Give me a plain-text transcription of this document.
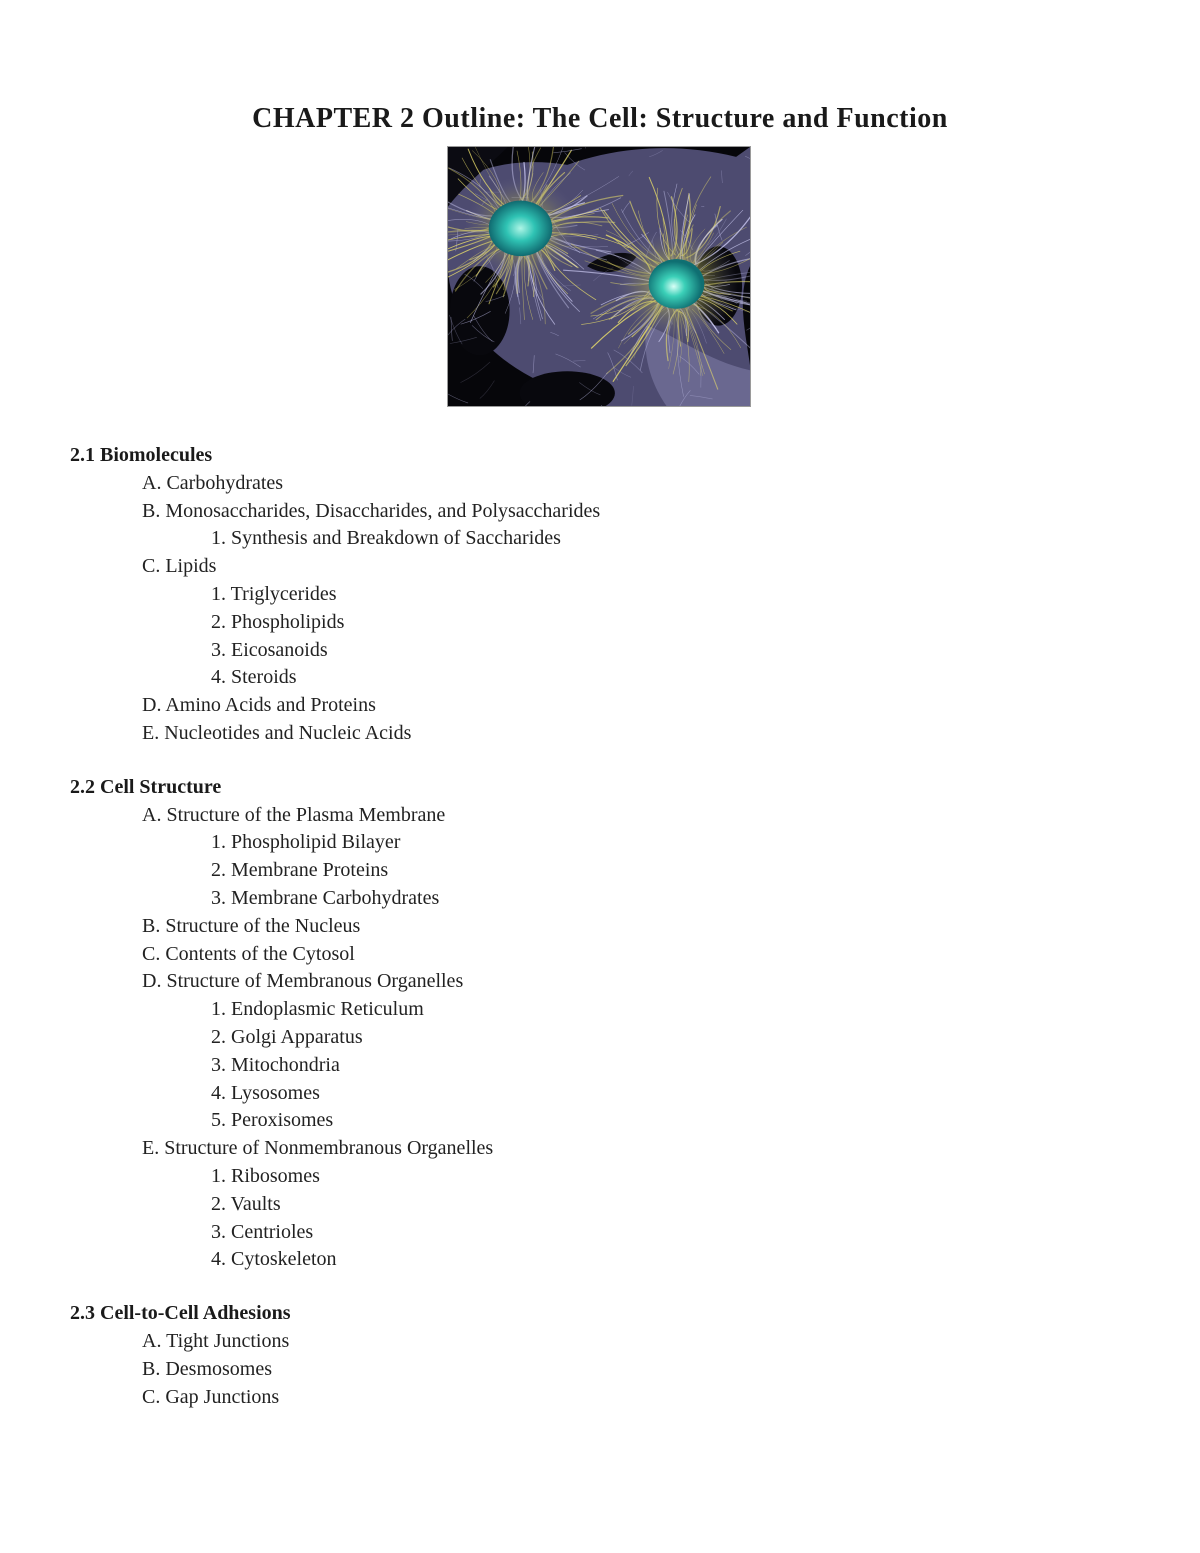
CHAPTER 2 Outline: The Cell: Structure and Function
2.1 Biomolecules
A. Carbohydrates
B. Monosaccharides, Disaccharides, and Polysaccharides
1. Synthesis and Breakdown of Saccharides
C. Lipids
1. Triglycerides
2. Phospholipids
3. Eicosanoids
4. Steroids
D. Amino Acids and Proteins
E. Nucleotides and Nucleic Acids
2.2 Cell Structure
A. Structure of the Plasma Membrane
1. Phospholipid Bilayer
2. Membrane Proteins
3. Membrane Carbohydrates
B. Structure of the Nucleus
C. Contents of the Cytosol
D. Structure of Membranous Organelles
1. Endoplasmic Reticulum
2. Golgi Apparatus
3. Mitochondria
4. Lysosomes
5. Peroxisomes
E. Structure of Nonmembranous Organelles
1. Ribosomes
2. Vaults
3. Centrioles
4. Cytoskeleton
2.3 Cell-to-Cell Adhesions
A. Tight Junctions
B. Desmosomes
C. Gap Junctions
